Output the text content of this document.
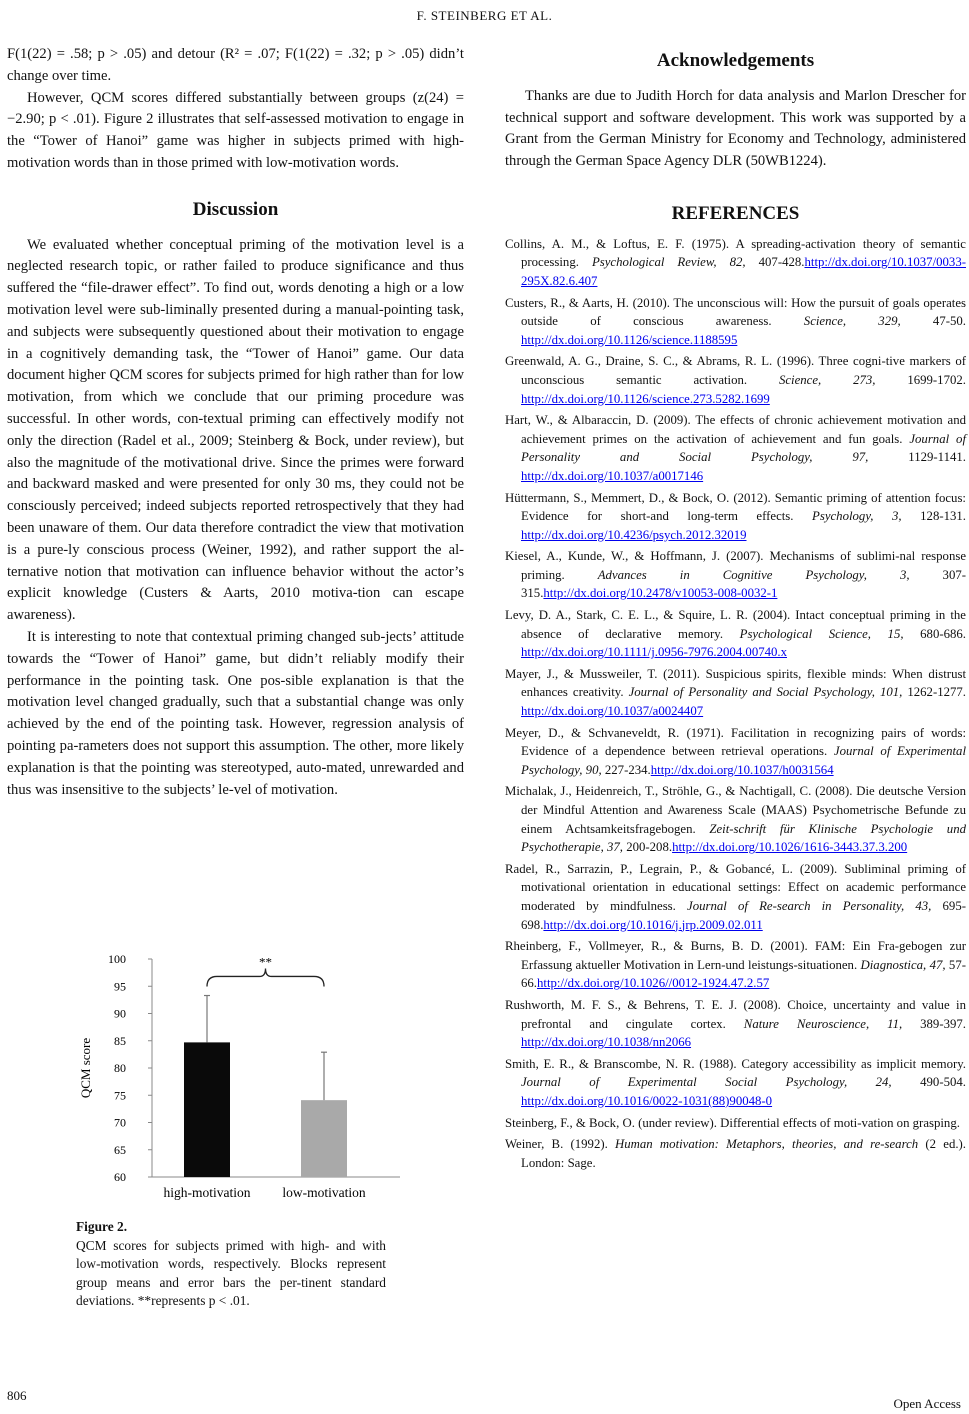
F. STEINBERG ET AL.

F(1(22) = .58; p > .05) and detour (R² = .07; F(1(22) = .32; p > .05) didn’t change over time.

However, QCM scores differed substantially between groups (z(24) = −2.90; p < .01). Figure 2 illustrates that self-assessed motivation to engage in the “Tower of Hanoi” game was higher in subjects primed with high-motivation words than in those primed with low-motivation words.

Discussion

We evaluated whether conceptual priming of the motivation level is a neglected research topic, or rather failed to produce significance and thus suffered the “file-drawer effect”. To find out, words denoting a high or a low motivation level were sub-liminally presented during a manual-pointing task, and subjects were subsequently questioned about their motivation to engage in a cognitively demanding task, the “Tower of Hanoi” game. Our data document higher QCM scores for subjects primed for high rather than for low motivation, from which we conclude that our priming procedure was successful. In other words, con-textual priming can effectively modify not only the direction (Radel et al., 2009; Steinberg & Bock, under review), but also the magnitude of the motivational drive. Since the primes were forward and backward masked and were presented for only 30 ms, they could not be consciously perceived; indeed subjects reported retrospectively that they had been unaware of them. Our data therefore contradict the view that motivation is a pure-ly conscious process (Weiner, 1992), and rather support the al-ternative notion that motivation can influence behavior without the actor’s explicit knowledge (Custers & Aarts, 2010 motiva-tion can escape awareness).

It is interesting to note that contextual priming changed sub-jects’ attitude towards the “Tower of Hanoi” game, but didn’t reliably modify their performance in the pointing task. One pos-sible explanation is that the motivation level changed gradually, such that a substantial change was only achieved by the end of the pointing task. However, regression analysis of pointing pa-rameters does not support this assumption. The other, more likely explanation is that the pointing was stereotyped, auto-mated, unrewarded and thus was insensitive to the subjects’ le-vel of motivation.

60
65
70
75
80
85
90
95
100
QCM score
high-motivation low-motivation
**
Figure 2.
QCM scores for subjects primed with high- and with low-motivation words, respectively. Blocks represent group means and error bars the per-tinent standard deviations. **represents p < .01.
Acknowledgements

Thanks are due to Judith Horch for data analysis and Marlon Drescher for technical support and software development. This work was supported by a Grant from the German Ministry for Economy and Technology, administered through the German Space Agency DLR (50WB1224).

REFERENCES
Collins, A. M., & Loftus, E. F. (1975). A spreading-activation theory of semantic processing. Psychological Review, 82, 407-428.http://dx.doi.org/10.1037/0033-295X.82.6.407
Custers, R., & Aarts, H. (2010). The unconscious will: How the pursuit of goals operates outside of conscious awareness. Science, 329, 47-50. http://dx.doi.org/10.1126/science.1188595
Greenwald, A. G., Draine, S. C., & Abrams, R. L. (1996). Three cogni-tive markers of unconscious semantic activation. Science, 273, 1699-1702. http://dx.doi.org/10.1126/science.273.5282.1699
Hart, W., & Albaraccin, D. (2009). The effects of chronic achievement motivation and achievement primes on the activation of achievement and fun goals. Journal of Personality and Social Psychology, 97, 1129-1141. http://dx.doi.org/10.1037/a0017146
Hüttermann, S., Memmert, D., & Bock, O. (2012). Semantic priming of attention focus: Evidence for short-and long-term effects. Psychology, 3, 128-131. http://dx.doi.org/10.4236/psych.2012.32019
Kiesel, A., Kunde, W., & Hoffmann, J. (2007). Mechanisms of sublimi-nal response priming. Advances in Cognitive Psychology, 3, 307-315.http://dx.doi.org/10.2478/v10053-008-0032-1
Levy, D. A., Stark, C. E. L., & Squire, L. R. (2004). Intact conceptual priming in the absence of declarative memory. Psychological Science, 15, 680-686. http://dx.doi.org/10.1111/j.0956-7976.2004.00740.x
Mayer, J., & Mussweiler, T. (2011). Suspicious spirits, flexible minds: When distrust enhances creativity. Journal of Personality and Social Psychology, 101, 1262-1277. http://dx.doi.org/10.1037/a0024407
Meyer, D., & Schvaneveldt, R. (1971). Facilitation in recognizing pairs of words: Evidence of a dependence between retrieval operations. Journal of Experimental Psychology, 90, 227-234.http://dx.doi.org/10.1037/h0031564
Michalak, J., Heidenreich, T., Ströhle, G., & Nachtigall, C. (2008). Die deutsche Version der Mindful Attention and Awareness Scale (MAAS) Psychometrische Befunde zu einem Achtsamkeitsfragebogen. Zeit-schrift für Klinische Psychologie und Psychotherapie, 37, 200-208.http://dx.doi.org/10.1026/1616-3443.37.3.200
Radel, R., Sarrazin, P., Legrain, P., & Gobancé, L. (2009). Subliminal priming of motivational orientation in educational settings: Effect on academic performance moderated by mindfulness. Journal of Re-search in Personality, 43, 695-698.http://dx.doi.org/10.1016/j.jrp.2009.02.011
Rheinberg, F., Vollmeyer, R., & Burns, B. D. (2001). FAM: Ein Fra-gebogen zur Erfassung aktueller Motivation in Lern-und leistungs-situationen. Diagnostica, 47, 57-66.http://dx.doi.org/10.1026//0012-1924.47.2.57
Rushworth, M. F. S., & Behrens, T. E. J. (2008). Choice, uncertainty and value in prefrontal and cingulate cortex. Nature Neuroscience, 11, 389-397. http://dx.doi.org/10.1038/nn2066
Smith, E. R., & Branscombe, N. R. (1988). Category accessibility as implicit memory. Journal of Experimental Social Psychology, 24, 490-504. http://dx.doi.org/10.1016/0022-1031(88)90048-0
Steinberg, F., & Bock, O. (under review). Differential effects of moti-vation on grasping.
Weiner, B. (1992). Human motivation: Metaphors, theories, and re-search (2 ed.). London: Sage.
806
Open Access
